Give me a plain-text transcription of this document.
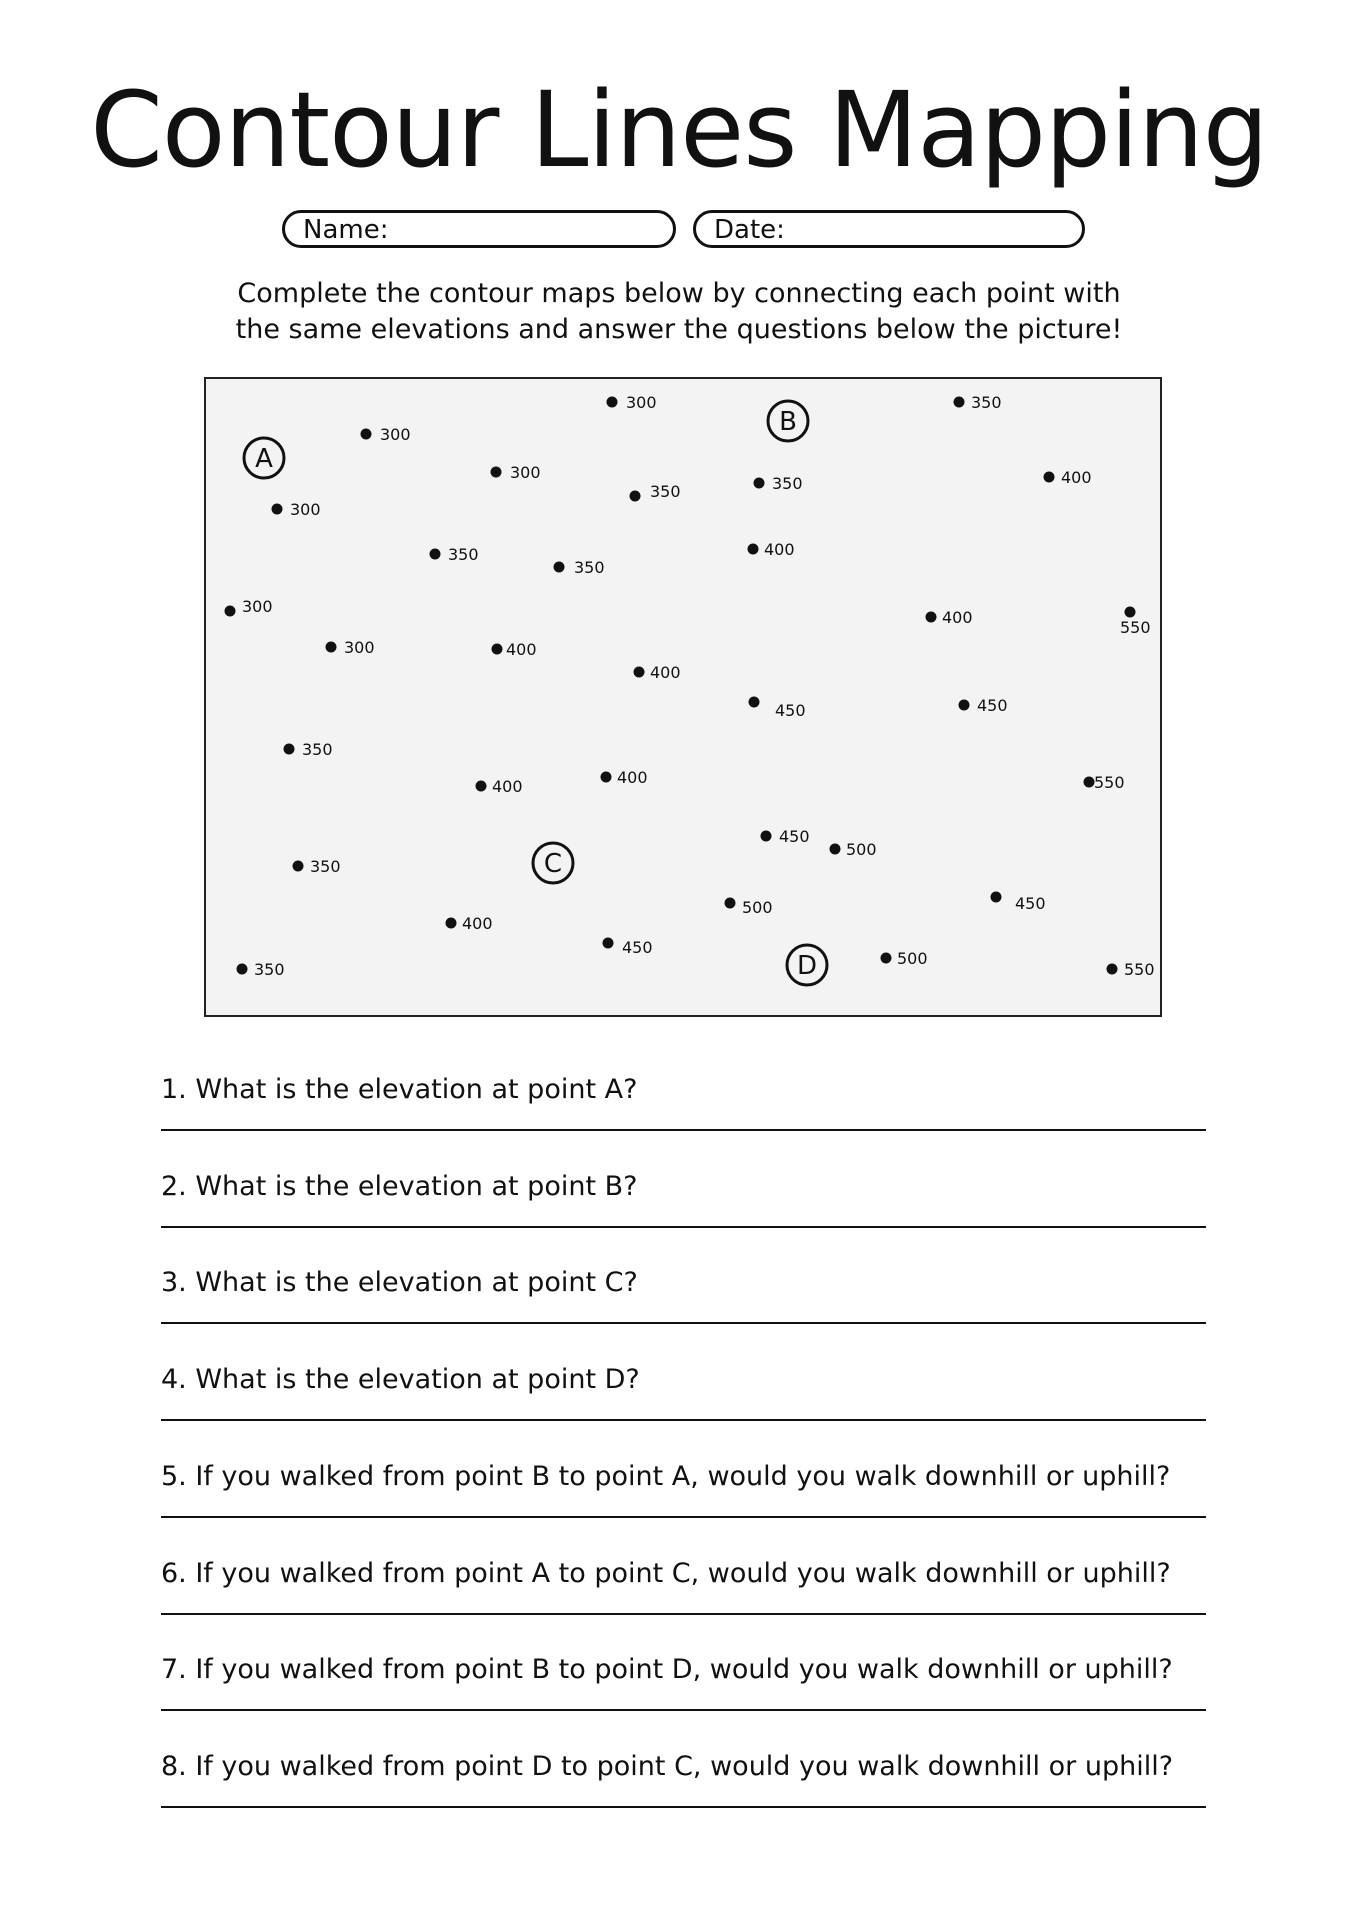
Contour Lines Mapping
Name:	Date:
Complete the contour maps below by connecting each point with
the same elevations and answer the questions below the picture!
300
300
300
300
300
350
350
300
350
350
400
350	400
400
400
550
350
400
400
450
450
350
400
450
550
500
350
500	450
400
450
500
550
A
B
C
D
1. What is the elevation at point A?
2. What is the elevation at point B?
3. What is the elevation at point C?
4. What is the elevation at point D?
5. If you walked from point B to point A, would you walk downhill or uphill?
6. If you walked from point A to point C, would you walk downhill or uphill?
7. If you walked from point B to point D, would you walk downhill or uphill?
8. If you walked from point D to point C, would you walk downhill or uphill?
